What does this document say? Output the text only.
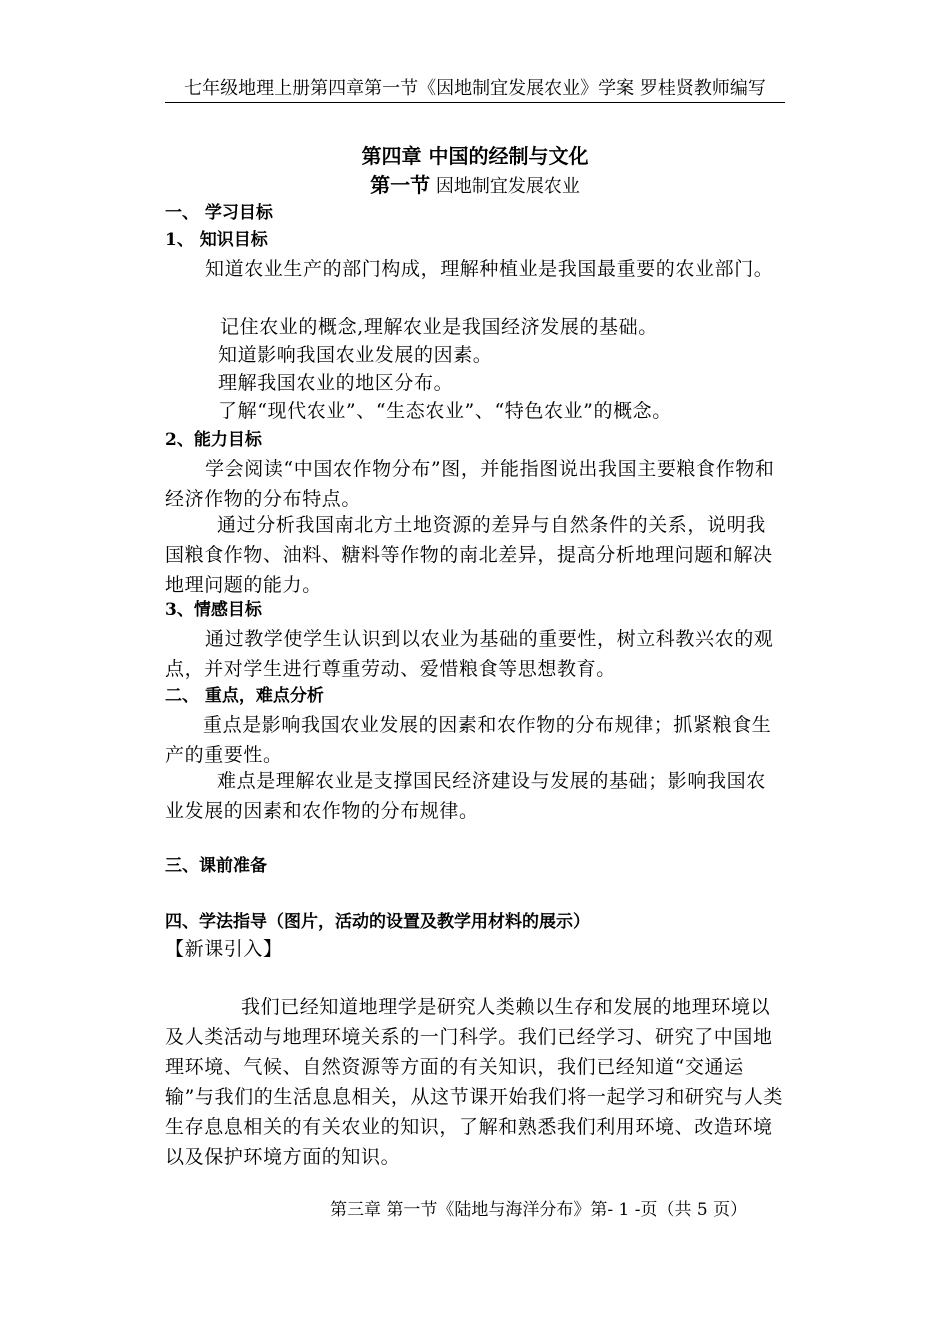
七年级地理上册第四章第一节《因地制宜发展农业》学案 罗桂贤教师编写
第四章 中国的经制与文化
第一节 因地制宜发展农业
一、 学习目标
1、 知识目标
知道农业生产的部门构成，理解种植业是我国最重要的农业部门。
记住农业的概念,理解农业是我国经济发展的基础。
知道影响我国农业发展的因素。
理解我国农业的地区分布。
了解“现代农业”、“生态农业”、“特色农业”的概念。
2、能力目标
学会阅读“中国农作物分布”图，并能指图说出我国主要粮食作物和经济作物的分布特点。
通过分析我国南北方土地资源的差异与自然条件的关系，说明我国粮食作物、油料、糖料等作物的南北差异，提高分析地理问题和解决地理问题的能力。
3、情感目标
通过教学使学生认识到以农业为基础的重要性，树立科教兴农的观点，并对学生进行尊重劳动、爱惜粮食等思想教育。
二、 重点，难点分析
重点是影响我国农业发展的因素和农作物的分布规律；抓紧粮食生产的重要性。
难点是理解农业是支撑国民经济建设与发展的基础；影响我国农业发展的因素和农作物的分布规律。
三、课前准备
四、学法指导（图片，活动的设置及教学用材料的展示）
【新课引入】
我们已经知道地理学是研究人类赖以生存和发展的地理环境以及人类活动与地理环境关系的一门科学。我们已经学习、研究了中国地理环境、气候、自然资源等方面的有关知识，我们已经知道“交通运输”与我们的生活息息相关，从这节课开始我们将一起学习和研究与人类生存息息相关的有关农业的知识，了解和熟悉我们利用环境、改造环境以及保护环境方面的知识。
第三章 第一节《陆地与海洋分布》第- 1 -页（共 5 页）
